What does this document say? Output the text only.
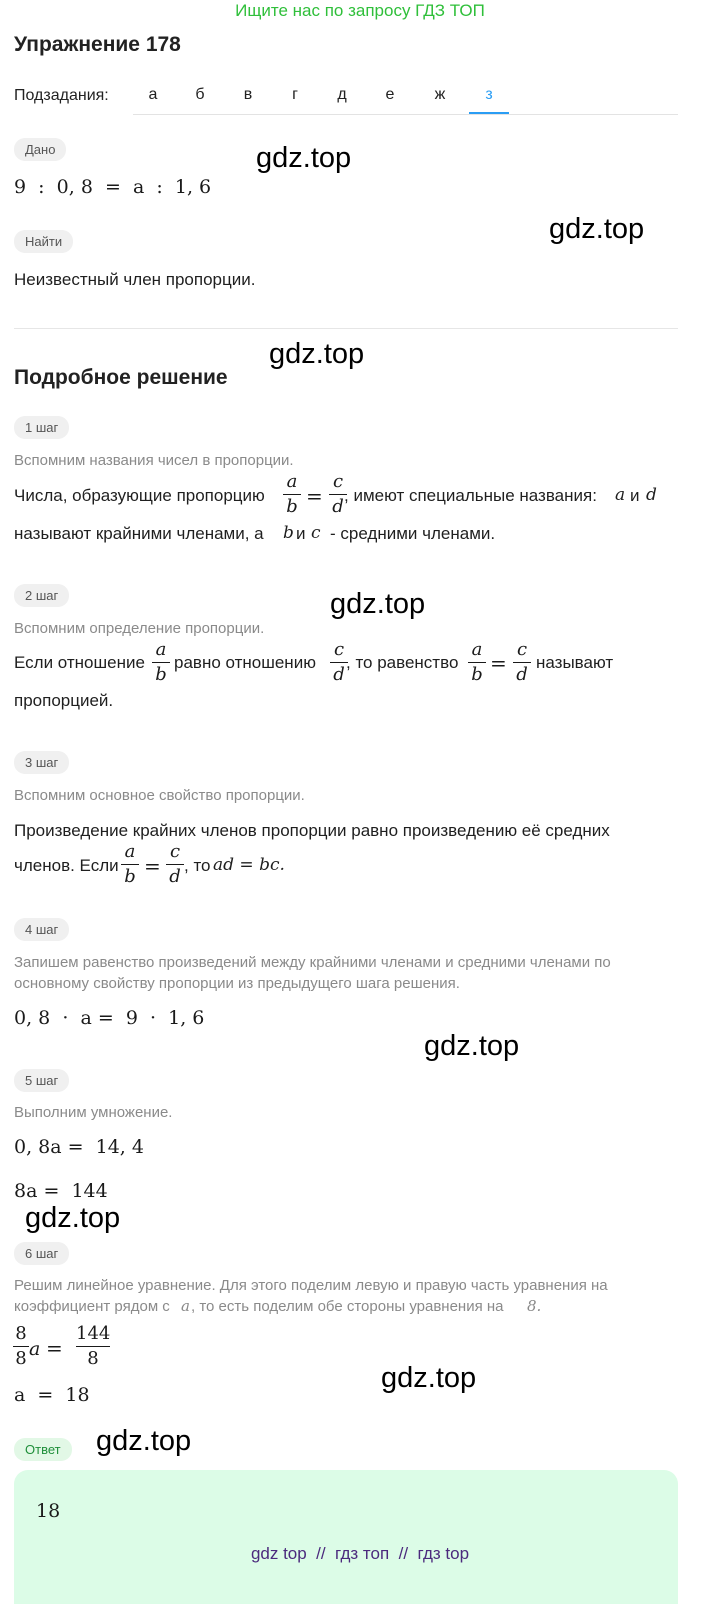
Ищите нас по запросу ГДЗ ТОП
Упражнение 178
Подзадания:	а	б	в	г	д	е	ж	з
Дано
9  :  0, 8  =  a  :  1, 6
Найти
Неизвестный член пропорции.
Подробное решение
1 шаг
Вспомним названия чисел в пропорции.
Числа, образующие пропорцию
a
b =
c
d
, имеют специальные названия: a и d
называют крайними членами, а b и c - средними членами.
2 шаг
Вспомним определение пропорции.
Если отношение
a
b
равно отношению
c
d
, то равенство
a
b =
c
d
называют
пропорцией.
3 шаг
Вспомним основное свойство пропорции.
Произведение крайних членов пропорции равно произведению её средних
членов. Если
a
b =
c
d
, то ad = bc.
4 шаг
Запишем равенство произведений между крайними членами и средними членами по
основному свойству пропорции из предыдущего шага решения.
0, 8  ·  a =  9  ·  1, 6
5 шаг
Выполним умножение.
0, 8a =  14, 4
8a =  144
6 шаг
Решим линейное уравнение. Для этого поделим левую и правую часть уравнения на
коэффициент рядом с a , то есть поделим обе стороны уравнения на 8.
8
8 a =
144
8
a  =  18
Ответ
18
gdz.top
gdz.top
gdz.top
gdz.top
gdz.top
gdz.top
gdz.top
gdz.top
gdz top  //  гдз топ  //  гдз top
